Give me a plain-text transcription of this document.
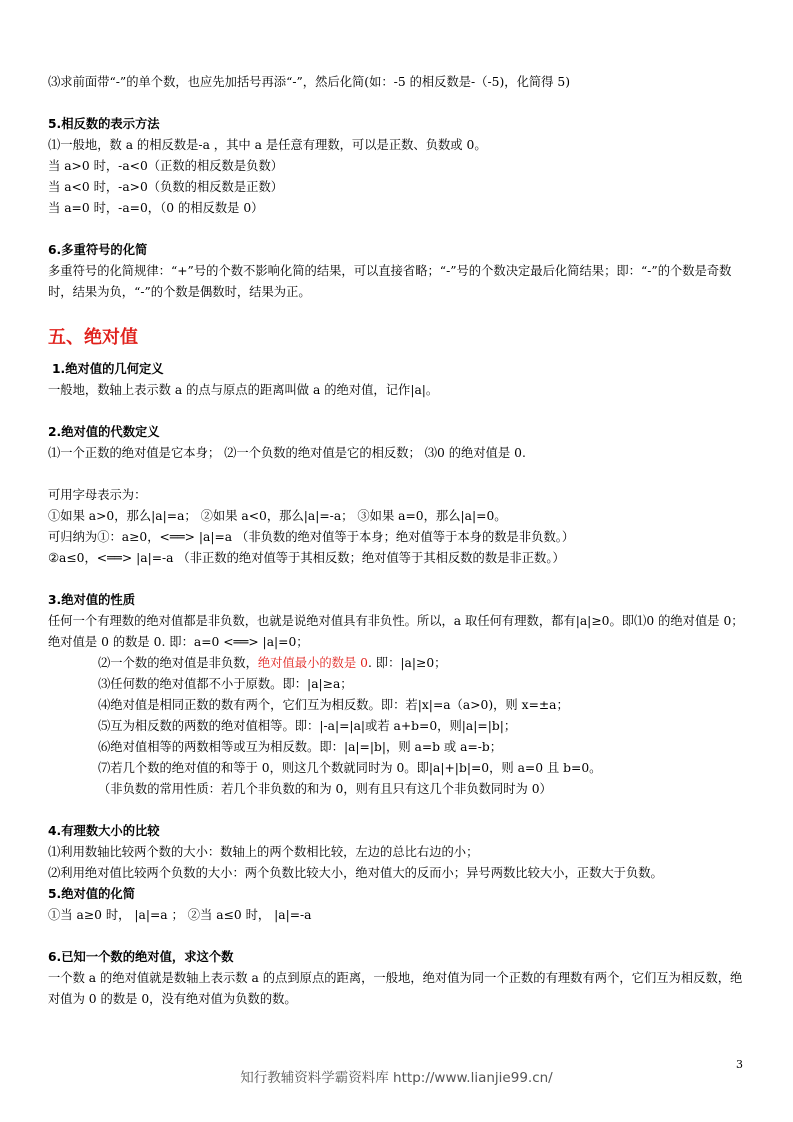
⑶求前面带“-”的单个数，也应先加括号再添“-”，然后化简(如：-5 的相反数是-（-5)，化简得 5)
5.相反数的表示方法
⑴一般地，数 a 的相反数是-a ，其中 a 是任意有理数，可以是正数、负数或 0。
当 a>0 时，-a<0（正数的相反数是负数）
当 a<0 时，-a>0（负数的相反数是正数）
当 a=0 时，-a=0，（0 的相反数是 0）
6.多重符号的化简
多重符号的化简规律：“+”号的个数不影响化简的结果，可以直接省略；“-”号的个数决定最后化简结果；即：“-”的个数是奇数时，结果为负，“-”的个数是偶数时，结果为正。
五、绝对值
1.绝对值的几何定义
一般地，数轴上表示数 a 的点与原点的距离叫做 a 的绝对值，记作|a|。
2.绝对值的代数定义
⑴一个正数的绝对值是它本身； ⑵一个负数的绝对值是它的相反数； ⑶0 的绝对值是 0.
可用字母表示为：
①如果 a>0，那么|a|=a； ②如果 a<0，那么|a|=-a； ③如果 a=0，那么|a|=0。
可归纳为①：a≥0，<══> |a|=a （非负数的绝对值等于本身；绝对值等于本身的数是非负数。）
②a≤0，<══> |a|=-a （非正数的绝对值等于其相反数；绝对值等于其相反数的数是非正数。）
3.绝对值的性质
任何一个有理数的绝对值都是非负数，也就是说绝对值具有非负性。所以，a 取任何有理数，都有|a|≥0。即⑴0 的绝对值是 0；绝对值是 0 的数是 0. 即：a=0 <══> |a|=0；
⑵一个数的绝对值是非负数，绝对值最小的数是 0. 即：|a|≥0；
⑶任何数的绝对值都不小于原数。即：|a|≥a；
⑷绝对值是相同正数的数有两个，它们互为相反数。即：若|x|=a（a>0)，则 x=±a；
⑸互为相反数的两数的绝对值相等。即：|-a|=|a|或若 a+b=0，则|a|=|b|；
⑹绝对值相等的两数相等或互为相反数。即：|a|=|b|，则 a=b 或 a=-b；
⑺若几个数的绝对值的和等于 0，则这几个数就同时为 0。即|a|+|b|=0，则 a=0 且 b=0。
（非负数的常用性质：若几个非负数的和为 0，则有且只有这几个非负数同时为 0）
4.有理数大小的比较
⑴利用数轴比较两个数的大小：数轴上的两个数相比较，左边的总比右边的小；
⑵利用绝对值比较两个负数的大小：两个负数比较大小，绝对值大的反而小；异号两数比较大小，正数大于负数。
5.绝对值的化简
①当 a≥0 时， |a|=a ； ②当 a≤0 时， |a|=-a
6.已知一个数的绝对值，求这个数
一个数 a 的绝对值就是数轴上表示数 a 的点到原点的距离，一般地，绝对值为同一个正数的有理数有两个，它们互为相反数，绝对值为 0 的数是 0，没有绝对值为负数的数。
3
知行教辅资料学霸资料库 http://www.lianjie99.cn/
